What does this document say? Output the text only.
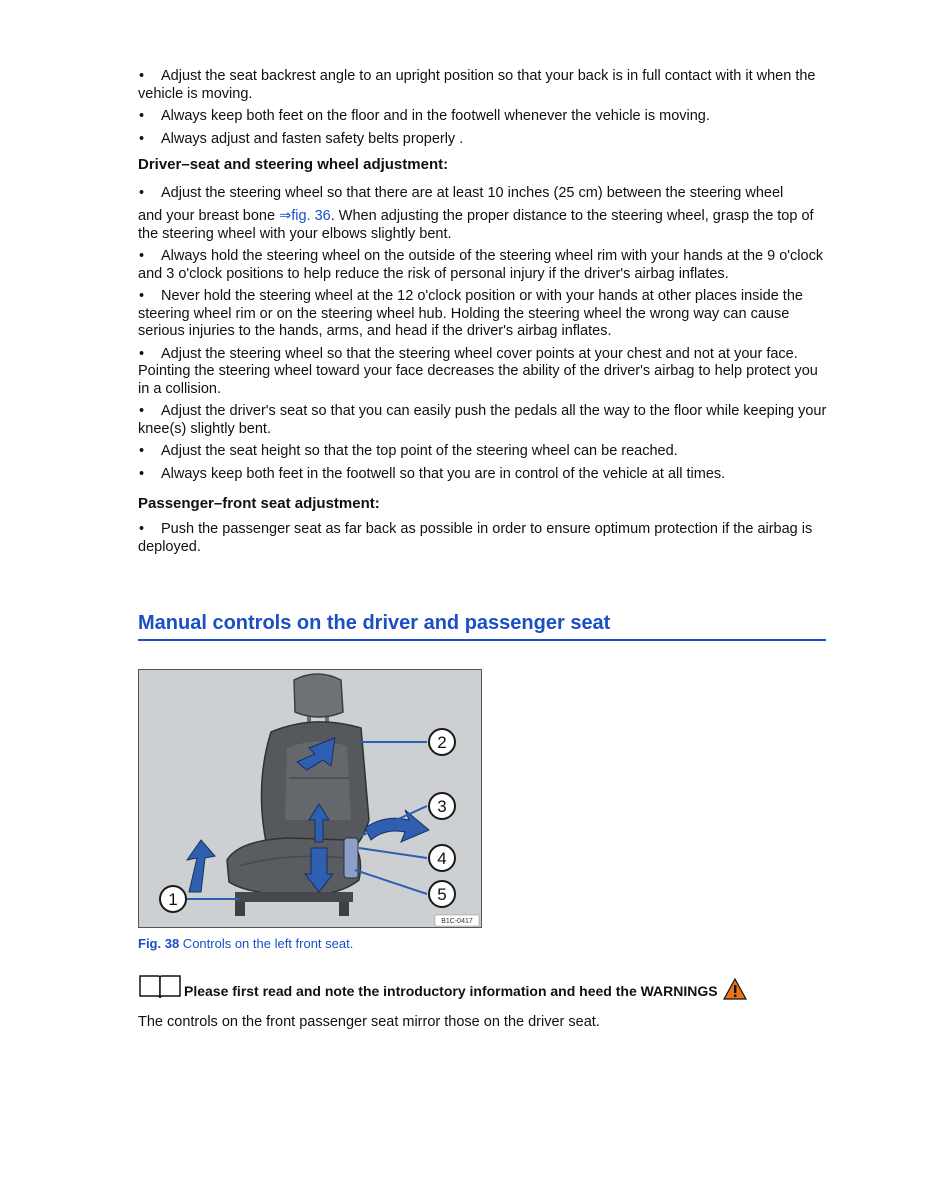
• Adjust the seat backrest angle to an upright position so that your back is in full contact with it when the vehicle is moving.
• Always keep both feet on the floor and in the footwell whenever the vehicle is moving.
• Always adjust and fasten safety belts properly .
Driver–seat and steering wheel adjustment:
• Adjust the steering wheel so that there are at least 10 inches (25 cm) between the steering wheel
and your breast bone ⇒fig. 36. When adjusting the proper distance to the steering wheel, grasp the top of the steering wheel with your elbows slightly bent.
• Always hold the steering wheel on the outside of the steering wheel rim with your hands at the 9 o'clock and 3 o'clock positions to help reduce the risk of personal injury if the driver's airbag inflates.
• Never hold the steering wheel at the 12 o'clock position or with your hands at other places inside the steering wheel rim or on the steering wheel hub. Holding the steering wheel the wrong way can cause serious injuries to the hands, arms, and head if the driver's airbag inflates.
• Adjust the steering wheel so that the steering wheel cover points at your chest and not at your face. Pointing the steering wheel toward your face decreases the ability of the driver's airbag to help protect you in a collision.
• Adjust the driver's seat so that you can easily push the pedals all the way to the floor while keeping your knee(s) slightly bent.
• Adjust the seat height so that the top point of the steering wheel can be reached.
• Always keep both feet in the footwell so that you are in control of the vehicle at all times.
Passenger–front seat adjustment:
• Push the passenger seat as far back as possible in order to ensure optimum protection if the airbag is deployed.
Manual controls on the driver and passenger seat
1
2
3
4
5
B1C-0417
Fig. 38 Controls on the left front seat.
Please first read and note the introductory information and heed the WARNINGS
The controls on the front passenger seat mirror those on the driver seat.
